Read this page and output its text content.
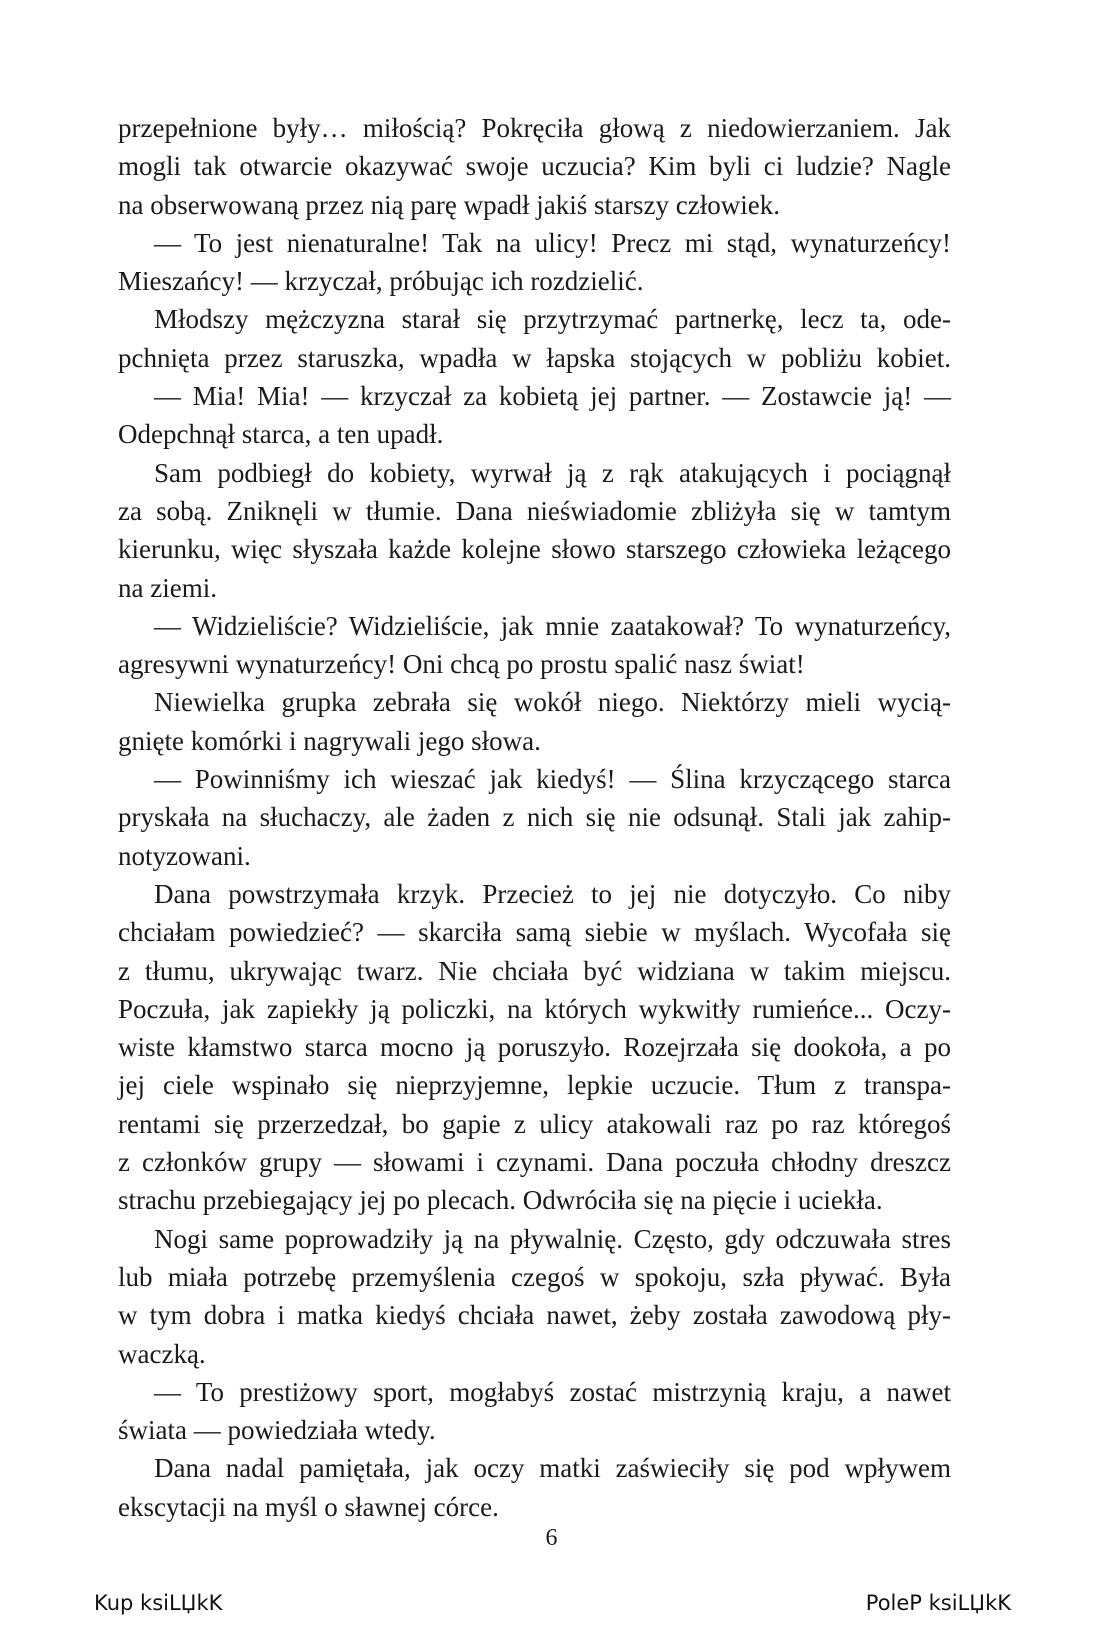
przepełnione były… miłością? Pokręciła głową z niedowierzaniem. Jak
mogli tak otwarcie okazywać swoje uczucia? Kim byli ci ludzie? Nagle
na obserwowaną przez nią parę wpadł jakiś starszy człowiek.
— To jest nienaturalne! Tak na ulicy! Precz mi stąd, wynaturzeńcy!
Mieszańcy! — krzyczał, próbując ich rozdzielić.
Młodszy mężczyzna starał się przytrzymać partnerkę, lecz ta, ode-
pchnięta przez staruszka, wpadła w łapska stojących w pobliżu kobiet.
— Mia! Mia! — krzyczał za kobietą jej partner. — Zostawcie ją! —
Odepchnął starca, a ten upadł.
Sam podbiegł do kobiety, wyrwał ją z rąk atakujących i pociągnął
za sobą. Zniknęli w tłumie. Dana nieświadomie zbliżyła się w tamtym
kierunku, więc słyszała każde kolejne słowo starszego człowieka leżącego
na ziemi.
— Widzieliście? Widzieliście, jak mnie zaatakował? To wynaturzeńcy,
agresywni wynaturzeńcy! Oni chcą po prostu spalić nasz świat!
Niewielka grupka zebrała się wokół niego. Niektórzy mieli wycią-
gnięte komórki i nagrywali jego słowa.
— Powinniśmy ich wieszać jak kiedyś! — Ślina krzyczącego starca
pryskała na słuchaczy, ale żaden z nich się nie odsunął. Stali jak zahip-
notyzowani.
Dana powstrzymała krzyk. Przecież to jej nie dotyczyło. Co niby
chciałam powiedzieć? — skarciła samą siebie w myślach. Wycofała się
z tłumu, ukrywając twarz. Nie chciała być widziana w takim miejscu.
Poczuła, jak zapiekły ją policzki, na których wykwitły rumieńce... Oczy-
wiste kłamstwo starca mocno ją poruszyło. Rozejrzała się dookoła, a po
jej ciele wspinało się nieprzyjemne, lepkie uczucie. Tłum z transpa-
rentami się przerzedzał, bo gapie z ulicy atakowali raz po raz któregoś
z członków grupy — słowami i czynami. Dana poczuła chłodny dreszcz
strachu przebiegający jej po plecach. Odwróciła się na pięcie i uciekła.
Nogi same poprowadziły ją na pływalnię. Często, gdy odczuwała stres
lub miała potrzebę przemyślenia czegoś w spokoju, szła pływać. Była
w tym dobra i matka kiedyś chciała nawet, żeby została zawodową pły-
waczką.
— To prestiżowy sport, mogłabyś zostać mistrzynią kraju, a nawet
świata — powiedziała wtedy.
Dana nadal pamiętała, jak oczy matki zaświeciły się pod wpływem
ekscytacji na myśl o sławnej córce.
6
Kup ksiLЏkK	PoleP ksiLЏkK
